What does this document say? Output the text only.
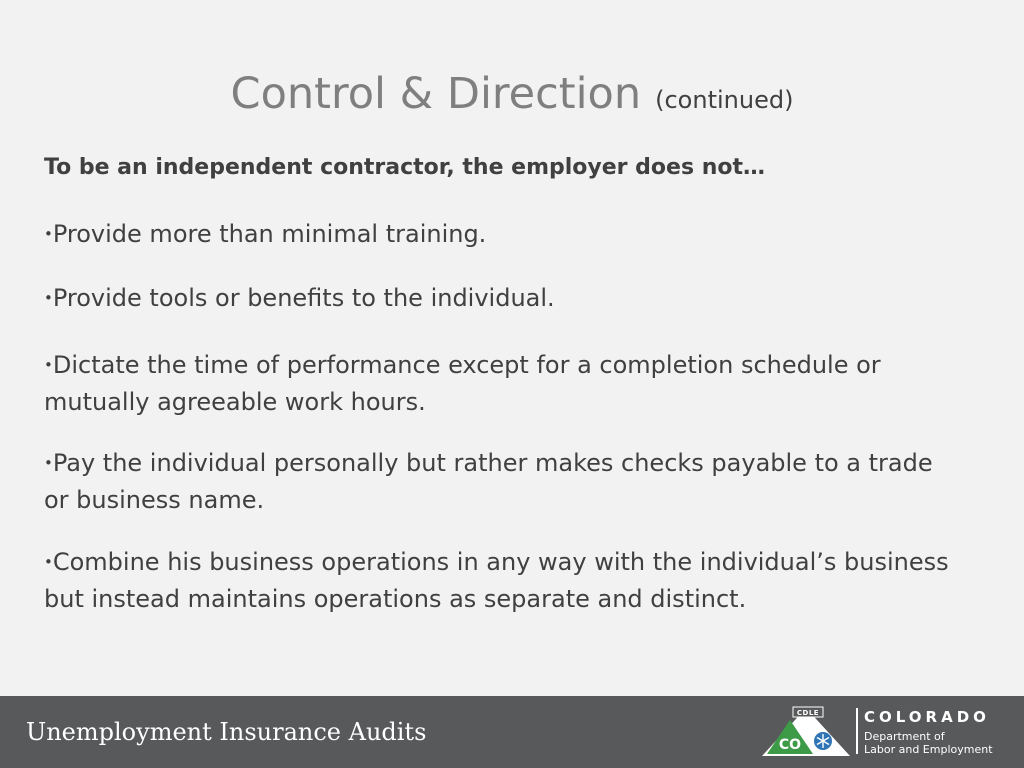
Control & Direction (continued)
To be an independent contractor, the employer does not…
•Provide more than minimal training.
•Provide tools or benefits to the individual.
•Dictate the time of performance except for a completion schedule or
mutually agreeable work hours.
•Pay the individual personally but rather makes checks payable to a trade
or business name.
•Combine his business operations in any way with the individual’s business
but instead maintains operations as separate and distinct.
Unemployment Insurance Audits	CO
CDLE	COLORADO
Department of
Labor and Employment
